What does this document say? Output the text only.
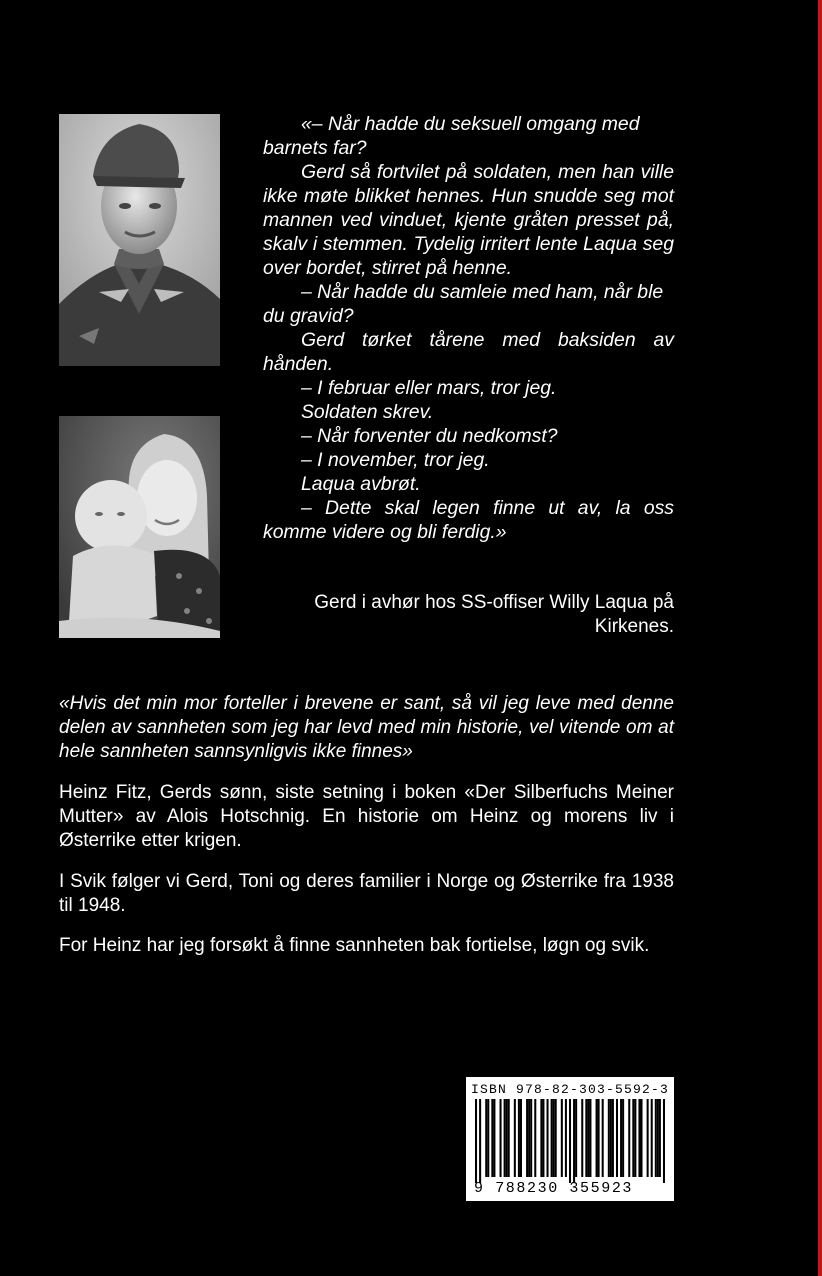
«– Når hadde du seksuell omgang med barnets far?

Gerd så fortvilet på soldaten, men han ville ikke møte blikket hennes. Hun snudde seg mot mannen ved vinduet, kjente gråten presset på, skalv i stemmen. Tydelig irritert lente Laqua seg over bordet, stirret på henne.

– Når hadde du samleie med ham, når ble du gravid?

Gerd tørket tårene med baksiden av hånden.

– I februar eller mars, tror jeg.

Soldaten skrev.

– Når forventer du nedkomst?

– I november, tror jeg.

Laqua avbrøt.

– Dette skal legen finne ut av, la oss komme videre og bli ferdig.»

Gerd i avhør hos SS-offiser Willy Laqua på Kirkenes.

«Hvis det min mor forteller i brevene er sant, så vil jeg leve med denne delen av sannheten som jeg har levd med min historie, vel vitende om at hele sannheten sannsynligvis ikke finnes»

Heinz Fitz, Gerds sønn, siste setning i boken «Der Silberfuchs Meiner Mutter» av Alois Hotschnig. En historie om Heinz og morens liv i Østerrike etter krigen.

I Svik følger vi Gerd, Toni og deres familier i Norge og Østerrike fra 1938 til 1948.

For Heinz har jeg forsøkt å finne sannheten bak fortielse, løgn og svik.

ISBN 978-82-303-5592-3
9 788230 355923
